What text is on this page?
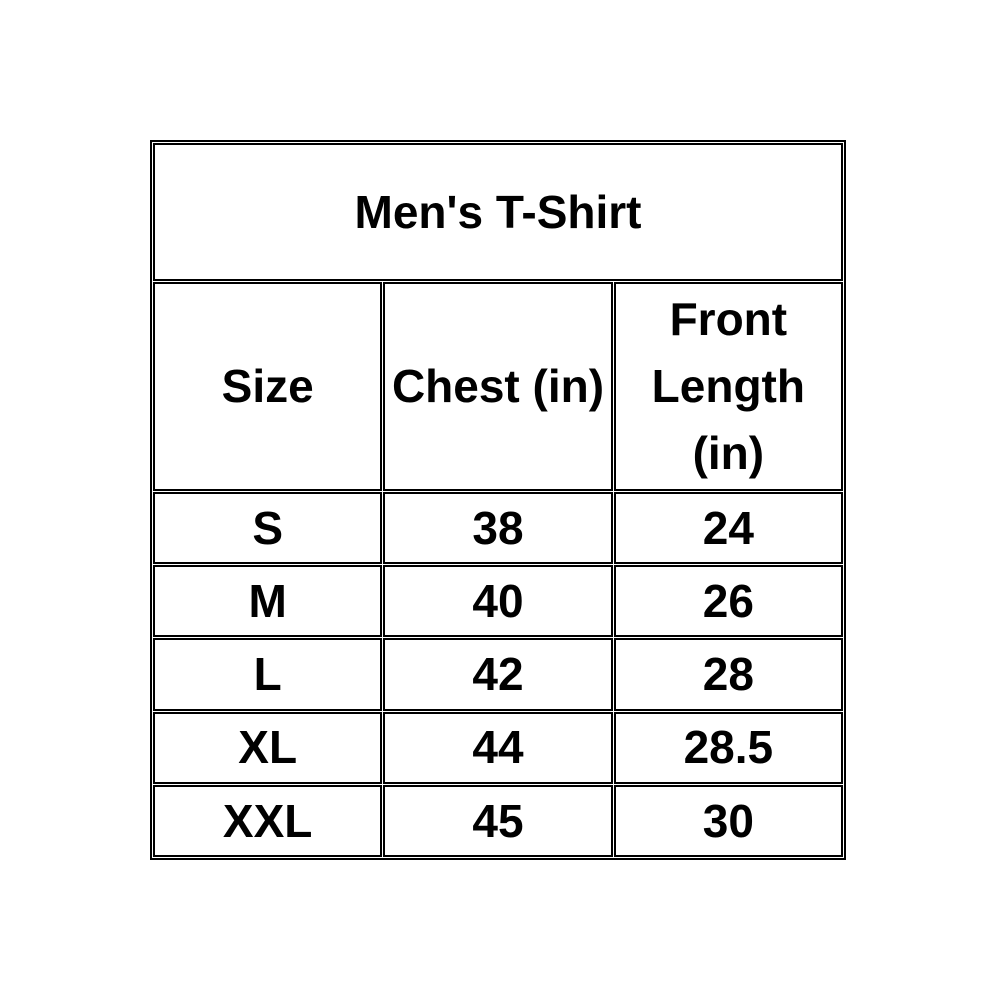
Men's T-Shirt		
Size	Chest (in)	Front Length (in)
S	38	24
M	40	26
L	42	28
XL	44	28.5
XXL	45	30
